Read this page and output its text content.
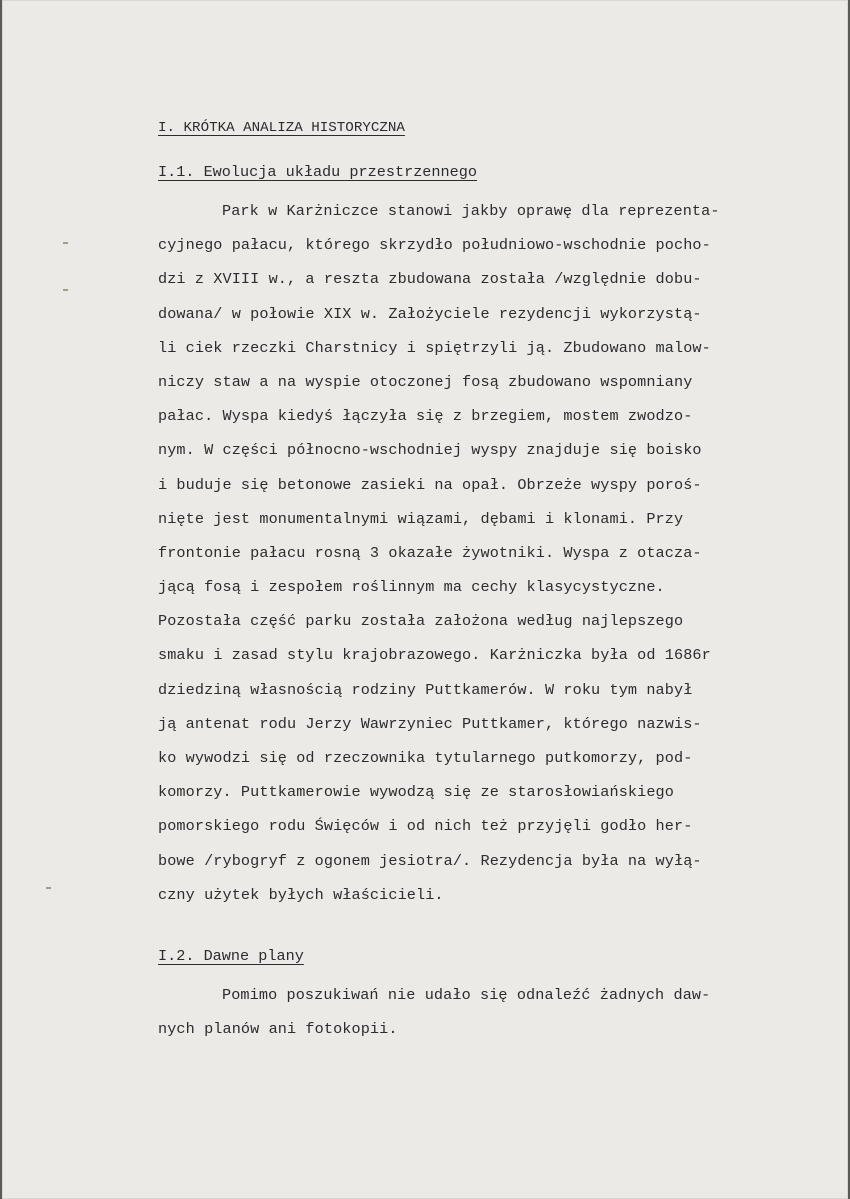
I. KRÓTKA ANALIZA HISTORYCZNA
I.1. Ewolucja układu przestrzennego
Park w Karżniczce stanowi jakby oprawę dla reprezenta-
cyjnego pałacu, którego skrzydło południowo-wschodnie pocho-
dzi z XVIII w., a reszta zbudowana została /względnie dobu-
dowana/ w połowie XIX w. Założyciele rezydencji wykorzystą-
li ciek rzeczki Charstnicy i spiętrzyli ją. Zbudowano malow-
niczy staw a na wyspie otoczonej fosą zbudowano wspomniany
pałac. Wyspa kiedyś łączyła się z brzegiem, mostem zwodzo-
nym. W części północno-wschodniej wyspy znajduje się boisko
i buduje się betonowe zasieki na opał. Obrzeże wyspy poroś-
nięte jest monumentalnymi wiązami, dębami i klonami. Przy
frontonie pałacu rosną 3 okazałe żywotniki. Wyspa z otacza-
jącą fosą i zespołem roślinnym ma cechy klasycystyczne.
Pozostała część parku została założona według najlepszego
smaku i zasad stylu krajobrazowego. Karżniczka była od 1686r
dziedziną własnością rodziny Puttkamerów. W roku tym nabył
ją antenat rodu Jerzy Wawrzyniec Puttkamer, którego nazwis-
ko wywodzi się od rzeczownika tytularnego putkomorzy, pod-
komorzy. Puttkamerowie wywodzą się ze starosłowiańskiego
pomorskiego rodu Święców i od nich też przyjęli godło her-
bowe /rybogryf z ogonem jesiotra/. Rezydencja była na wyłą-
czny użytek byłych właścicieli.
I.2. Dawne plany
Pomimo poszukiwań nie udało się odnaleźć żadnych daw-
nych planów ani fotokopii.
